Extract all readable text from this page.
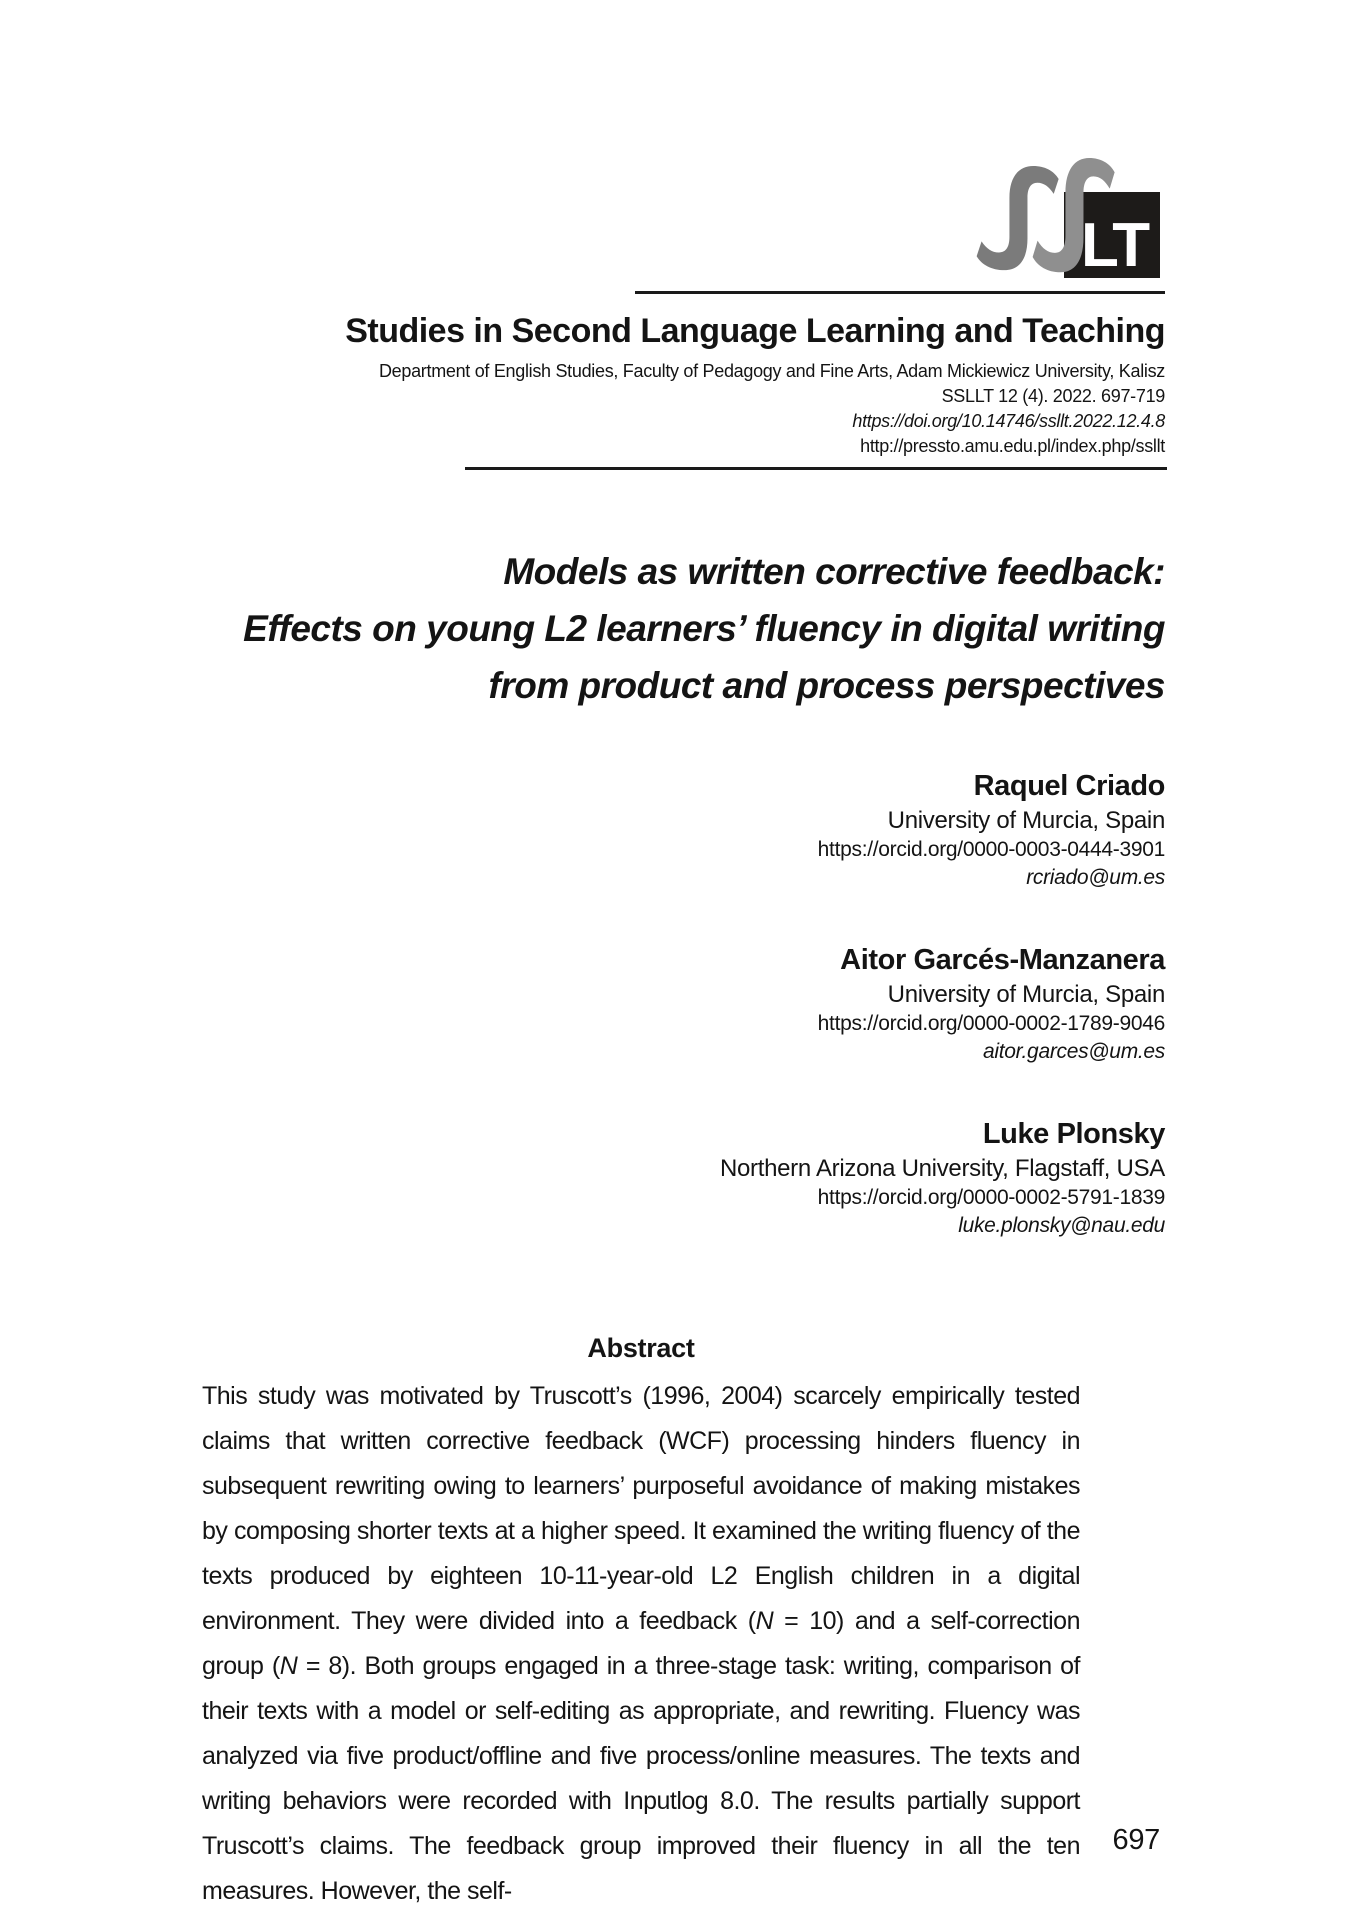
LT
Studies in Second Language Learning and Teaching
Department of English Studies, Faculty of Pedagogy and Fine Arts, Adam Mickiewicz University, Kalisz
SSLLT 12 (4). 2022. 697-719
https://doi.org/10.14746/ssllt.2022.12.4.8
http://pressto.amu.edu.pl/index.php/ssllt
Models as written corrective feedback:
Effects on young L2 learners’ fluency in digital writing
from product and process perspectives
Raquel Criado
University of Murcia, Spain
https://orcid.org/0000-0003-0444-3901
rcriado@um.es
Aitor Garcés-Manzanera
University of Murcia, Spain
https://orcid.org/0000-0002-1789-9046
aitor.garces@um.es
Luke Plonsky
Northern Arizona University, Flagstaff, USA
https://orcid.org/0000-0002-5791-1839
luke.plonsky@nau.edu
Abstract

This study was motivated by Truscott’s (1996, 2004) scarcely empirically tested claims that written corrective feedback (WCF) processing hinders fluency in subsequent rewriting owing to learners’ purposeful avoidance of making mistakes by composing shorter texts at a higher speed. It examined the writing fluency of the texts produced by eighteen 10-11-year-old L2 English children in a digital environment. They were divided into a feedback (N = 10) and a self-correction group (N = 8). Both groups engaged in a three-stage task: writing, comparison of their texts with a model or self-editing as appropriate, and rewriting. Fluency was analyzed via five product/offline and five process/online measures. The texts and writing behaviors were recorded with Inputlog 8.0. The results partially support Truscott’s claims. The feedback group improved their fluency in all the ten measures. However, the self-

697
